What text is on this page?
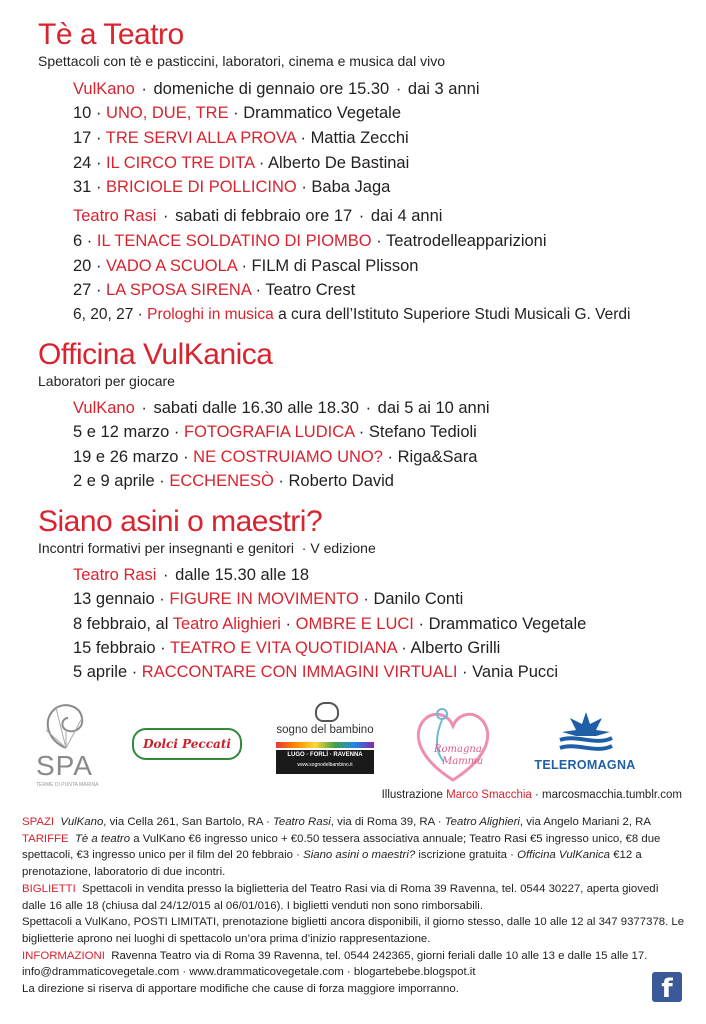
Tè a Teatro
Spettacoli con tè e pasticcini, laboratori, cinema e musica dal vivo
VulKano · domeniche di gennaio ore 15.30 · dai 3 anni
10 · UNO, DUE, TRE · Drammatico Vegetale
17 · TRE SERVI ALLA PROVA · Mattia Zecchi
24 · IL CIRCO TRE DITA · Alberto De Bastinai
31 · BRICIOLE DI POLLICINO · Baba Jaga
Teatro Rasi · sabati di febbraio ore 17 · dai 4 anni
6 · IL TENACE SOLDATINO DI PIOMBO · Teatrodelleapparizioni
20 · VADO A SCUOLA · FILM di Pascal Plisson
27 · LA SPOSA SIRENA · Teatro Crest
6, 20, 27 · Prologhi in musica a cura dell’Istituto Superiore Studi Musicali G. Verdi
Officina VulKanica
Laboratori per giocare
VulKano · sabati dalle 16.30 alle 18.30 · dai 5 ai 10 anni
5 e 12 marzo · FOTOGRAFIA LUDICA · Stefano Tedioli
19 e 26 marzo · NE COSTRUIAMO UNO? · Riga&Sara
2 e 9 aprile · ECCHENESÒ · Roberto David
Siano asini o maestri?
Incontri formativi per insegnanti e genitori  · V edizione
Teatro Rasi · dalle 15.30 alle 18
13 gennaio · FIGURE IN MOVIMENTO · Danilo Conti
8 febbraio, al Teatro Alighieri · OMBRE E LUCI · Drammatico Vegetale
15 febbraio · TEATRO E VITA QUOTIDIANA · Alberto Grilli
5 aprile · RACCONTARE CON IMMAGINI VIRTUALI · Vania Pucci
SPA
TERME DI PUNTA MARINA
Dolci Peccati
sogno del bambino
LUGO · FORLÌ · RAVENNA
www.sognodelbambino.it
Romagna
Mamma	TELEROMAGNA
Illustrazione Marco Smacchia · marcosmacchia.tumblr.com

SPAZI VulKano, via Cella 261, San Bartolo, RA · Teatro Rasi, via di Roma 39, RA · Teatro Alighieri, via Angelo Mariani 2, RA

TARIFFE Tè a teatro a VulKano €6 ingresso unico + €0.50 tessera associativa annuale; Teatro Rasi €5 ingresso unico, €8 due spettacoli, €3 ingresso unico per il film del 20 febbraio · Siano asini o maestri? iscrizione gratuita · Officina VulKanica €12 a prenotazione, laboratorio di due incontri.

BIGLIETTI Spettacoli in vendita presso la biglietteria del Teatro Rasi via di Roma 39 Ravenna, tel. 0544 30227, aperta giovedì dalle 16 alle 18 (chiusa dal 24/12/015 al 06/01/016). I biglietti venduti non sono rimborsabili.

Spettacoli a VulKano, POSTI LIMITATI, prenotazione biglietti ancora disponibili, il giorno stesso, dalle 10 alle 12 al 347 9377378. Le biglietterie aprono nei luoghi di spettacolo un’ora prima d’inizio rappresentazione.

INFORMAZIONI Ravenna Teatro via di Roma 39 Ravenna, tel. 0544 242365, giorni feriali dalle 10 alle 13 e dalle 15 alle 17.

info@drammaticovegetale.com · www.drammaticovegetale.com · blogartebebe.blogspot.it

La direzione si riserva di apportare modifiche che cause di forza maggiore imporranno.	f
